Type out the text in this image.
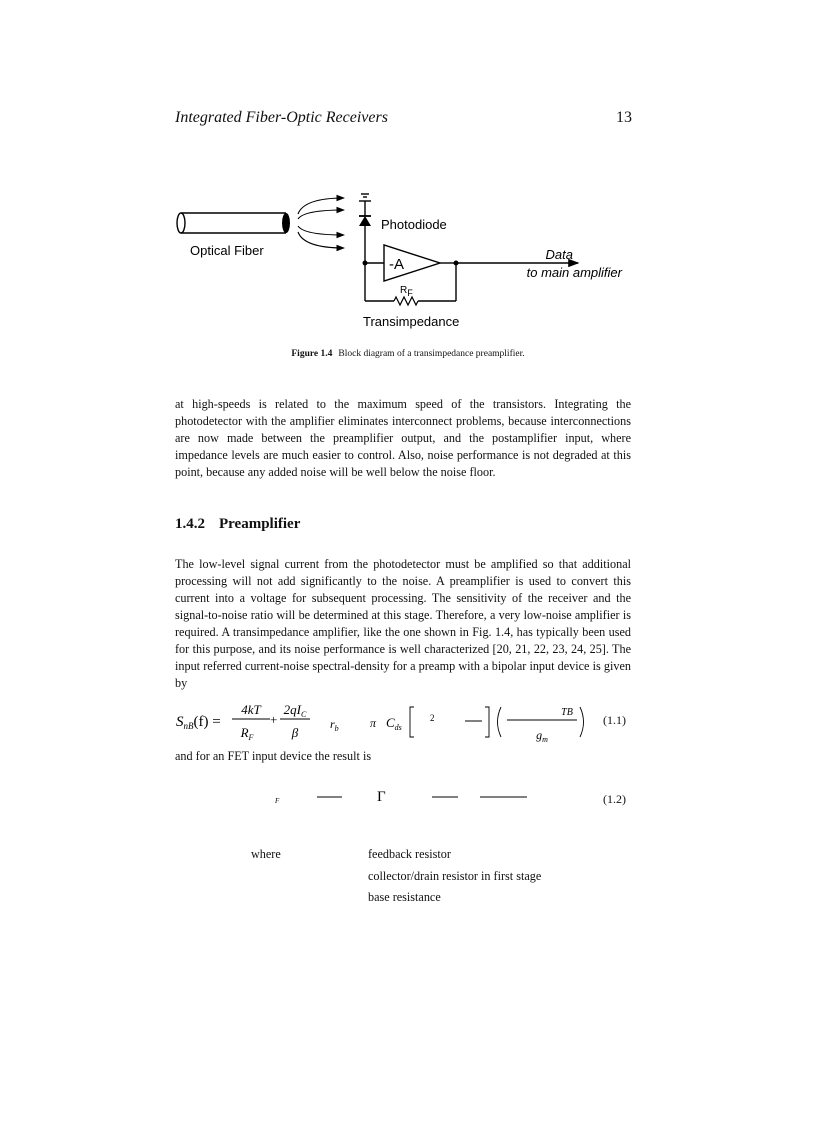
Integrated Fiber-Optic Receivers	13
Optical Fiber
Photodiode
-A
RF
Transimpedance
Data
to main amplifier
Figure 1.4 Block diagram of a transimpedance preamplifier.

at high-speeds is related to the maximum speed of the transistors. Integrating the photodetector with the amplifier eliminates interconnect problems, because interconnections are now made between the preamplifier output, and the postamplifier input, where impedance levels are much easier to control. Also, noise performance is not degraded at this point, because any added noise will be well below the noise floor.

1.4.2 Preamplifier

The low-level signal current from the photodetector must be amplified so that additional processing will not add significantly to the noise. A preamplifier is used to convert this current into a voltage for subsequent processing. The sensitivity of the receiver and the signal-to-noise ratio will be determined at this stage. Therefore, a very low-noise amplifier is required. A transimpedance amplifier, like the one shown in Fig. 1.4, has typically been used for this purpose, and its noise performance is well characterized [20, 21, 22, 23, 24, 25]. The input referred current-noise spectral-density for a preamp with a bipolar input device is given by

$S_{nB}(f)$ =
4kT
$R_F$
+
$2qI_C$
β
$r_b$	π $C_{ds}$
2	TB
$g_m$
(1.1)

and for an FET input device the result is

F	Γ	(1.2)
where	feedback resistor
collector/drain resistor in first stage
base resistance
